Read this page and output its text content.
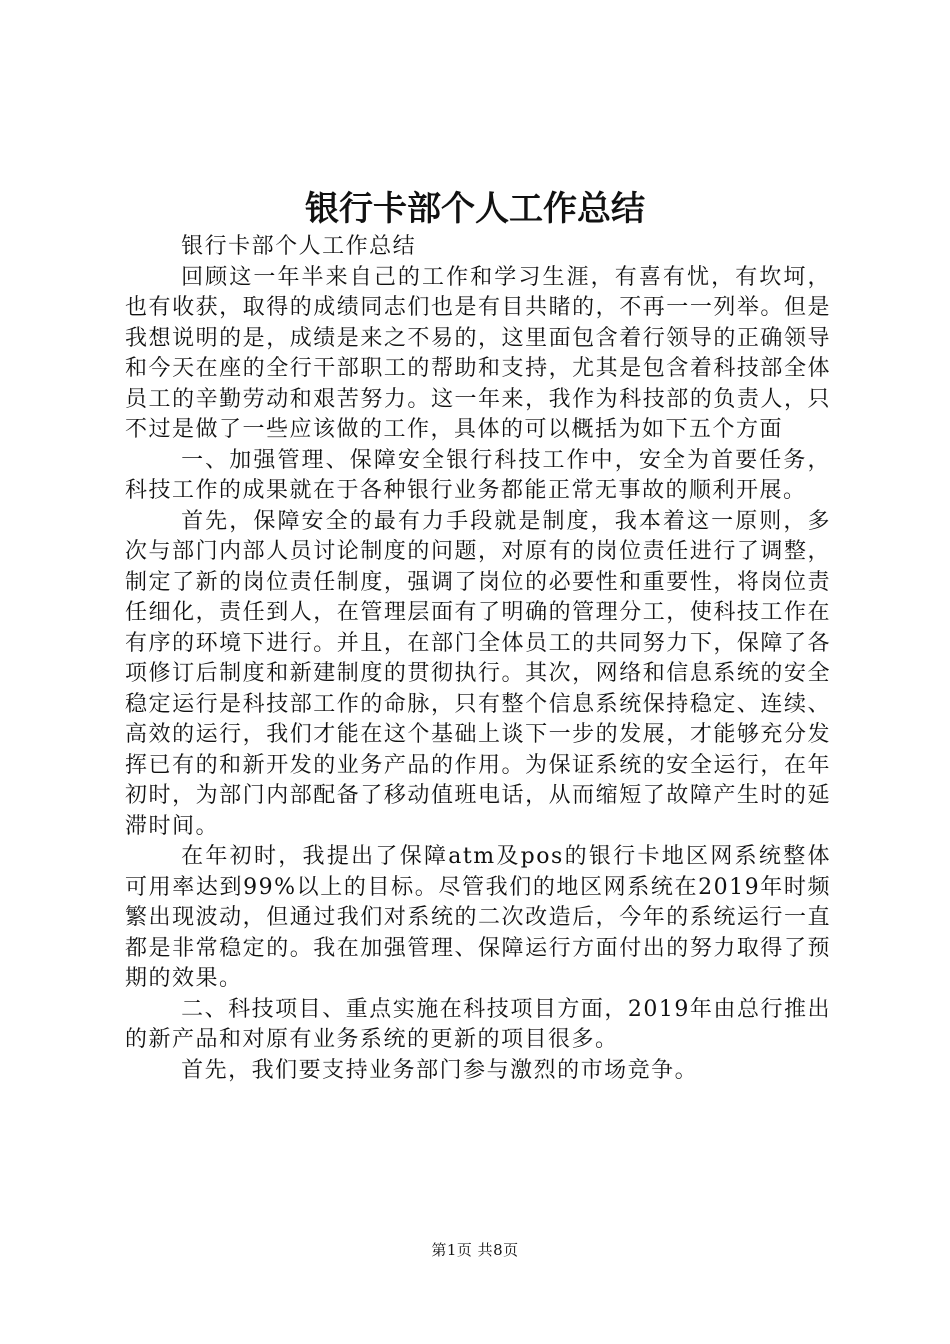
银行卡部个人工作总结

银行卡部个人工作总结

回顾这一年半来自己的工作和学习生涯，有喜有忧，有坎坷，也有收获，取得的成绩同志们也是有目共睹的，不再一一列举。但是我想说明的是，成绩是来之不易的，这里面包含着行领导的正确领导和今天在座的全行干部职工的帮助和支持，尤其是包含着科技部全体员工的辛勤劳动和艰苦努力。这一年来，我作为科技部的负责人，只不过是做了一些应该做的工作，具体的可以概括为如下五个方面

一、加强管理、保障安全银行科技工作中，安全为首要任务，科技工作的成果就在于各种银行业务都能正常无事故的顺利开展。

首先，保障安全的最有力手段就是制度，我本着这一原则，多次与部门内部人员讨论制度的问题，对原有的岗位责任进行了调整，制定了新的岗位责任制度，强调了岗位的必要性和重要性，将岗位责任细化，责任到人，在管理层面有了明确的管理分工，使科技工作在有序的环境下进行。并且，在部门全体员工的共同努力下，保障了各项修订后制度和新建制度的贯彻执行。其次，网络和信息系统的安全稳定运行是科技部工作的命脉，只有整个信息系统保持稳定、连续、高效的运行，我们才能在这个基础上谈下一步的发展，才能够充分发挥已有的和新开发的业务产品的作用。为保证系统的安全运行，在年初时，为部门内部配备了移动值班电话，从而缩短了故障产生时的延滞时间。

在年初时，我提出了保障atm及pos的银行卡地区网系统整体可用率达到99%以上的目标。尽管我们的地区网系统在2019年时频繁出现波动，但通过我们对系统的二次改造后，今年的系统运行一直都是非常稳定的。我在加强管理、保障运行方面付出的努力取得了预期的效果。

二、科技项目、重点实施在科技项目方面，2019年由总行推出的新产品和对原有业务系统的更新的项目很多。

首先，我们要支持业务部门参与激烈的市场竞争。

第1页 共8页
